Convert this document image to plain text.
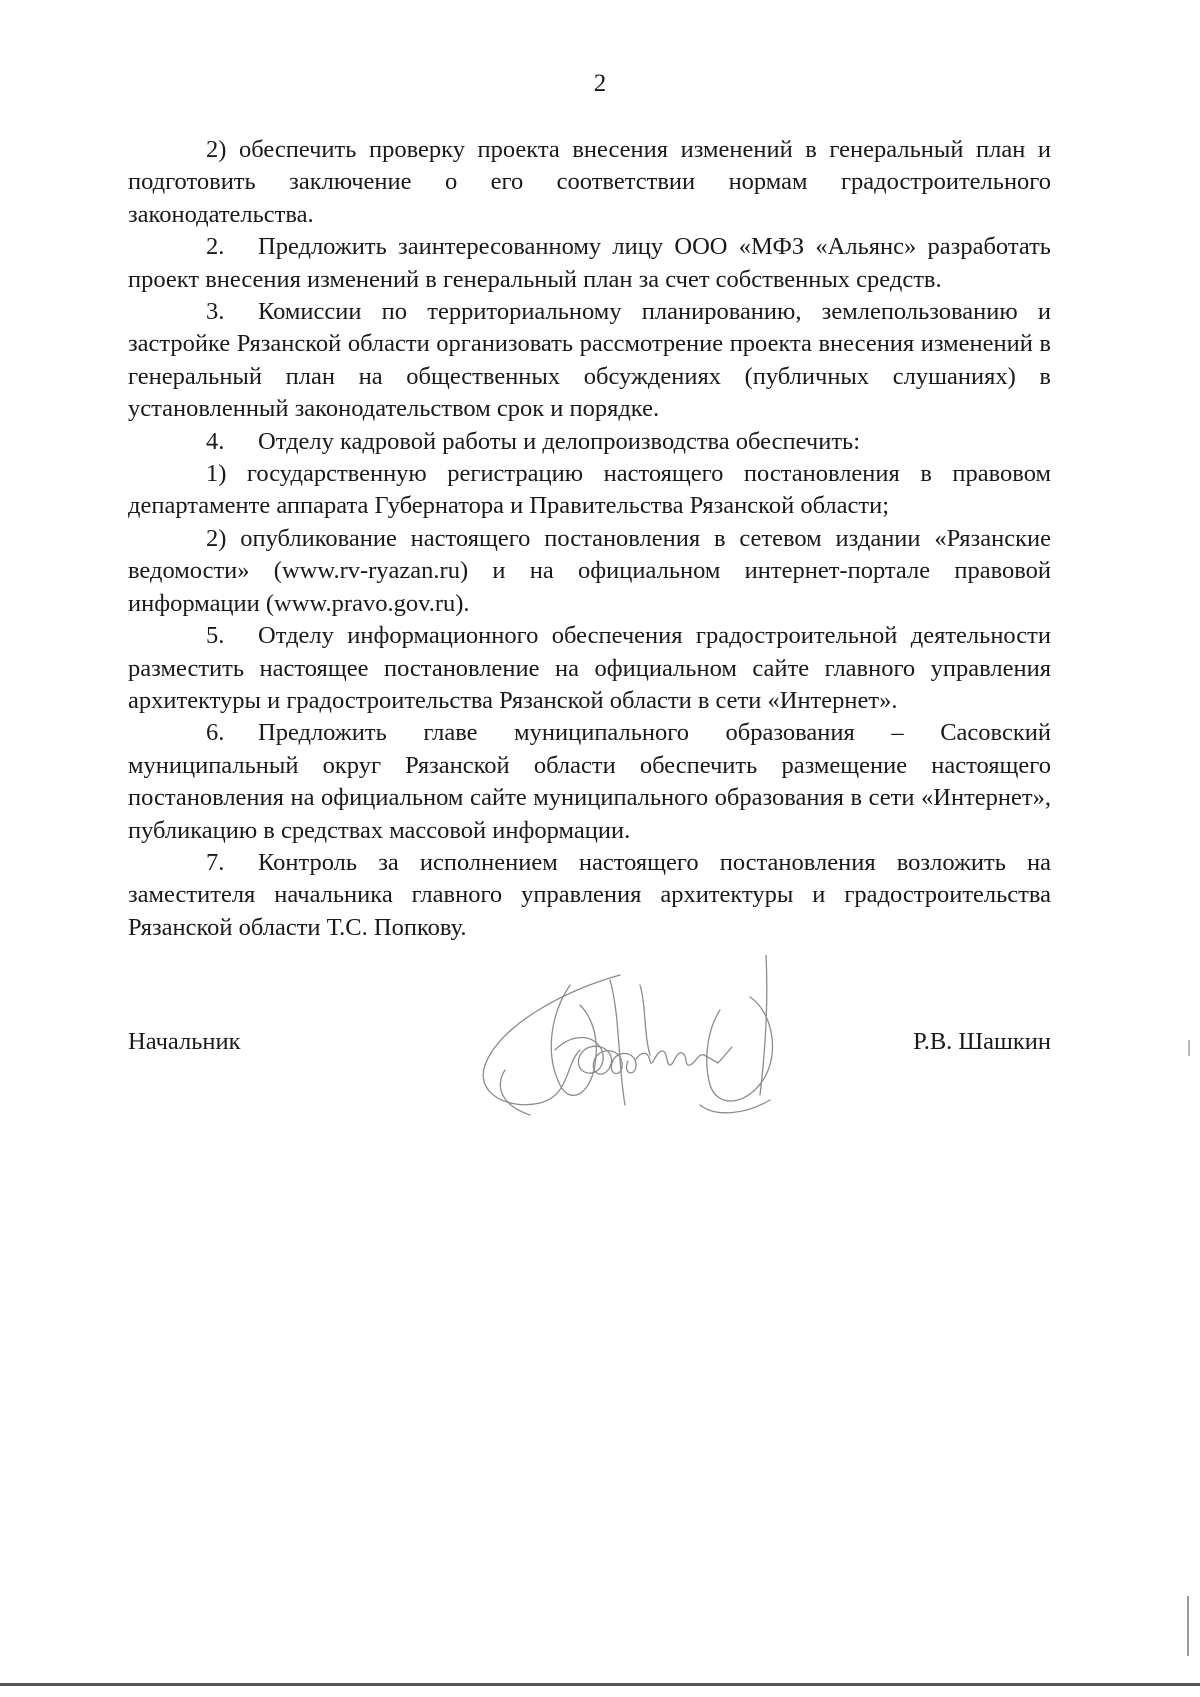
2

2) обеспечить проверку проекта внесения изменений в генеральный план и подготовить заключение о его соответствии нормам градостроительного законодательства.

2. Предложить заинтересованному лицу ООО «МФЗ «Альянс» разработать проект внесения изменений в генеральный план за счет собственных средств.

3. Комиссии по территориальному планированию, землепользованию и застройке Рязанской области организовать рассмотрение проекта внесения изменений в генеральный план на общественных обсуждениях (публичных слушаниях) в установленный законодательством срок и порядке.

4. Отделу кадровой работы и делопроизводства обеспечить:

1) государственную регистрацию настоящего постановления в правовом департаменте аппарата Губернатора и Правительства Рязанской области;

2) опубликование настоящего постановления в сетевом издании «Рязанские ведомости» (www.rv-ryazan.ru) и на официальном интернет-портале правовой информации (www.pravo.gov.ru).

5. Отделу информационного обеспечения градостроительной деятельности разместить настоящее постановление на официальном сайте главного управления архитектуры и градостроительства Рязанской области в сети «Интернет».

6. Предложить главе муниципального образования – Сасовский муниципальный округ Рязанской области обеспечить размещение настоящего постановления на официальном сайте муниципального образования в сети «Интернет», публикацию в средствах массовой информации.

7. Контроль за исполнением настоящего постановления возложить на заместителя начальника главного управления архитектуры и градостроительства Рязанской области Т.С. Попкову.

Начальник	Р.В. Шашкин
